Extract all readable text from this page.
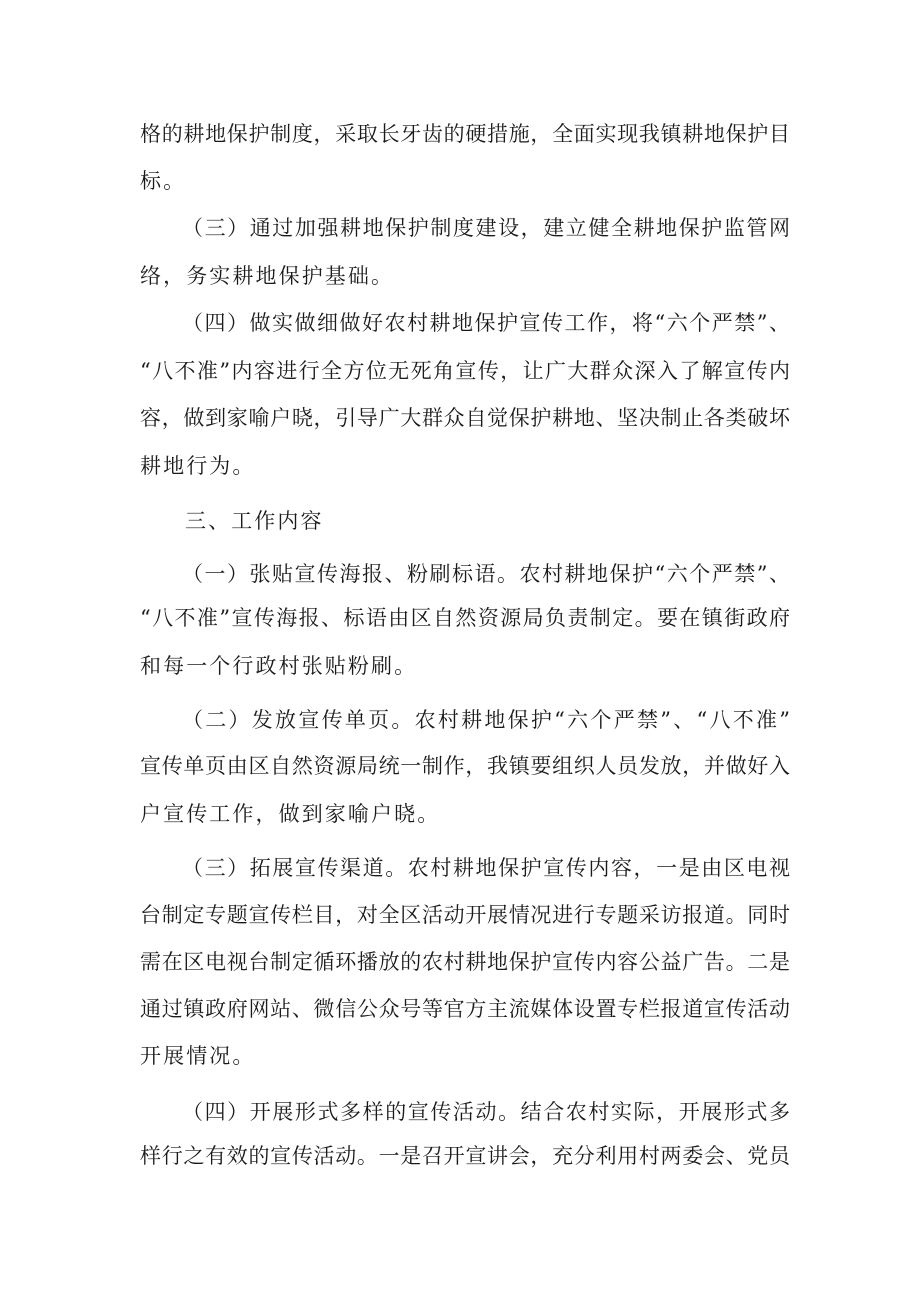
格的耕地保护制度，采取长牙齿的硬措施，全面实现我镇耕地保护目
标。
（三）通过加强耕地保护制度建设，建立健全耕地保护监管网
络，务实耕地保护基础。
（四）做实做细做好农村耕地保护宣传工作，将“六个严禁”、
“八不准”内容进行全方位无死角宣传，让广大群众深入了解宣传内
容，做到家喻户晓，引导广大群众自觉保护耕地、坚决制止各类破坏
耕地行为。
三、工作内容
（一）张贴宣传海报、粉刷标语。农村耕地保护“六个严禁”、
“八不准”宣传海报、标语由区自然资源局负责制定。要在镇街政府
和每一个行政村张贴粉刷。
（二）发放宣传单页。农村耕地保护“六个严禁”、“八不准”
宣传单页由区自然资源局统一制作，我镇要组织人员发放，并做好入
户宣传工作，做到家喻户晓。
（三）拓展宣传渠道。农村耕地保护宣传内容，一是由区电视
台制定专题宣传栏目，对全区活动开展情况进行专题采访报道。同时
需在区电视台制定循环播放的农村耕地保护宣传内容公益广告。二是
通过镇政府网站、微信公众号等官方主流媒体设置专栏报道宣传活动
开展情况。
（四）开展形式多样的宣传活动。结合农村实际，开展形式多
样行之有效的宣传活动。一是召开宣讲会，充分利用村两委会、党员
